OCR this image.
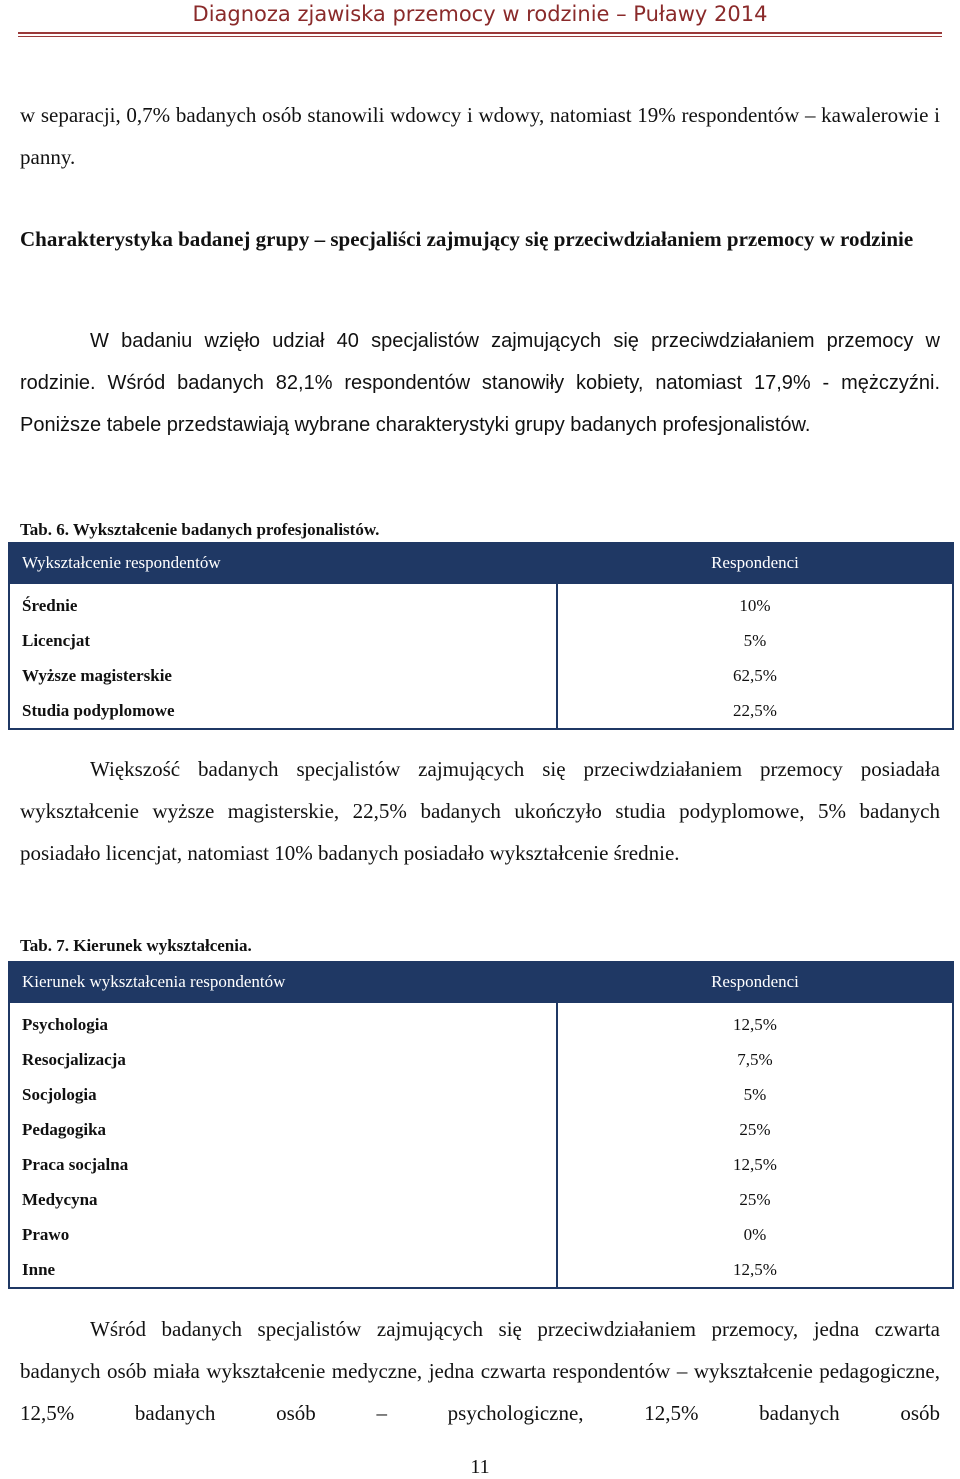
Diagnoza zjawiska przemocy w rodzinie – Puławy 2014

w separacji, 0,7% badanych osób stanowili wdowcy i wdowy, natomiast 19% respondentów – kawalerowie i panny.

Charakterystyka badanej grupy – specjaliści zajmujący się przeciwdziałaniem przemocy w rodzinie

W badaniu wzięło udział 40 specjalistów zajmujących się przeciwdziałaniem przemocy w rodzinie. Wśród badanych 82,1% respondentów stanowiły kobiety, natomiast 17,9% - mężczyźni. Poniższe tabele przedstawiają wybrane charakterystyki grupy badanych profesjonalistów.

Tab. 6. Wykształcenie badanych profesjonalistów.
Wykształcenie respondentów	Respondenci
Średnie	10%
Licencjat	5%
Wyższe magisterskie	62,5%
Studia podyplomowe	22,5%

Większość badanych specjalistów zajmujących się przeciwdziałaniem przemocy posiadała wykształcenie wyższe magisterskie, 22,5% badanych ukończyło studia podyplomowe, 5% badanych posiadało licencjat, natomiast 10% badanych posiadało wykształcenie średnie.

Tab. 7. Kierunek wykształcenia.
Kierunek wykształcenia respondentów	Respondenci
Psychologia	12,5%
Resocjalizacja	7,5%
Socjologia	5%
Pedagogika	25%
Praca socjalna	12,5%
Medycyna	25%
Prawo	0%
Inne	12,5%

Wśród badanych specjalistów zajmujących się przeciwdziałaniem przemocy, jedna czwarta badanych osób miała wykształcenie medyczne, jedna czwarta respondentów – wykształcenie pedagogiczne, 12,5% badanych osób – psychologiczne, 12,5% badanych osób

11
